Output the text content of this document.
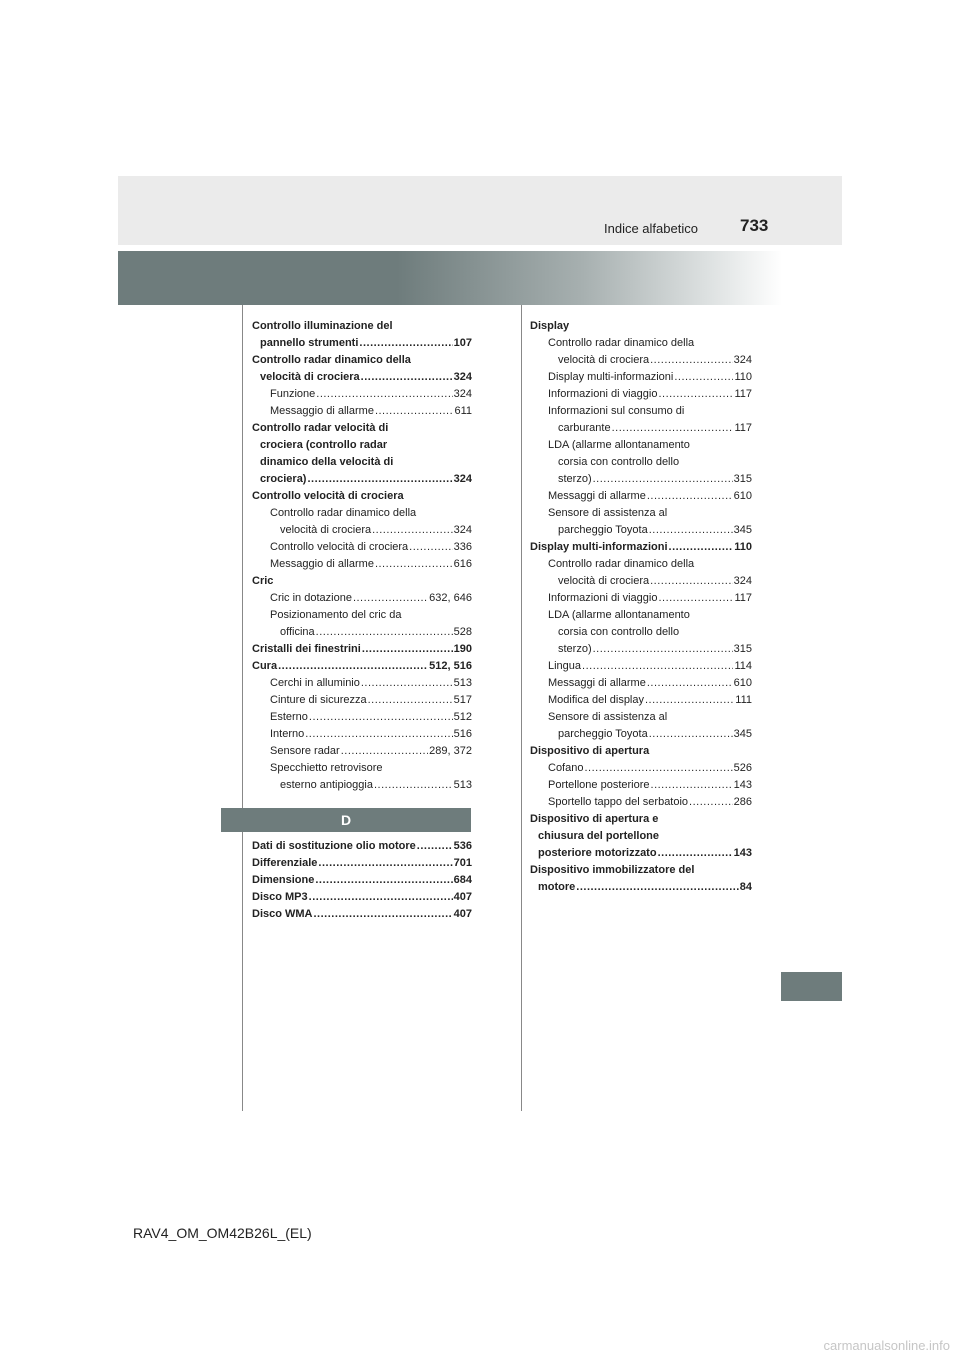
Indice alfabetico 733
Controllo illuminazione del
pannello strumenti .....	107
Controllo radar dinamico della
velocità di crociera .....	324
Funzione .....	324
Messaggio di allarme .....	611
Controllo radar velocità di
crociera (controllo radar
dinamico della velocità di
crociera) .....	324
Controllo velocità di crociera
Controllo radar dinamico della
velocità di crociera .....	324
Controllo velocità di crociera .....	336
Messaggio di allarme .....	616
Cric
Cric in dotazione .....	632, 646
Posizionamento del cric da
officina .....	528
Cristalli dei finestrini .....	190
Cura .....	512, 516
Cerchi in alluminio .....	513
Cinture di sicurezza .....	517
Esterno .....	512
Interno .....	516
Sensore radar .....	289, 372
Specchietto retrovisore
esterno antipioggia .....	513
D
Dati di sostituzione olio motore .....	536
Differenziale .....	701
Dimensione .....	684
Disco MP3 .....	407
Disco WMA .....	407
Display
Controllo radar dinamico della
velocità di crociera .....	324
Display multi-informazioni .....	110
Informazioni di viaggio .....	117
Informazioni sul consumo di
carburante .....	117
LDA (allarme allontanamento
corsia con controllo dello
sterzo) .....	315
Messaggi di allarme .....	610
Sensore di assistenza al
parcheggio Toyota .....	345
Display multi-informazioni .....	110
Controllo radar dinamico della
velocità di crociera .....	324
Informazioni di viaggio .....	117
LDA (allarme allontanamento
corsia con controllo dello
sterzo) .....	315
Lingua .....	114
Messaggi di allarme .....	610
Modifica del display .....	111
Sensore di assistenza al
parcheggio Toyota .....	345
Dispositivo di apertura
Cofano .....	526
Portellone posteriore .....	143
Sportello tappo del serbatoio .....	286
Dispositivo di apertura e
chiusura del portellone
posteriore motorizzato .....	143
Dispositivo immobilizzatore del
motore .....	84
RAV4_OM_OM42B26L_(EL)
carmanualsonline.info
